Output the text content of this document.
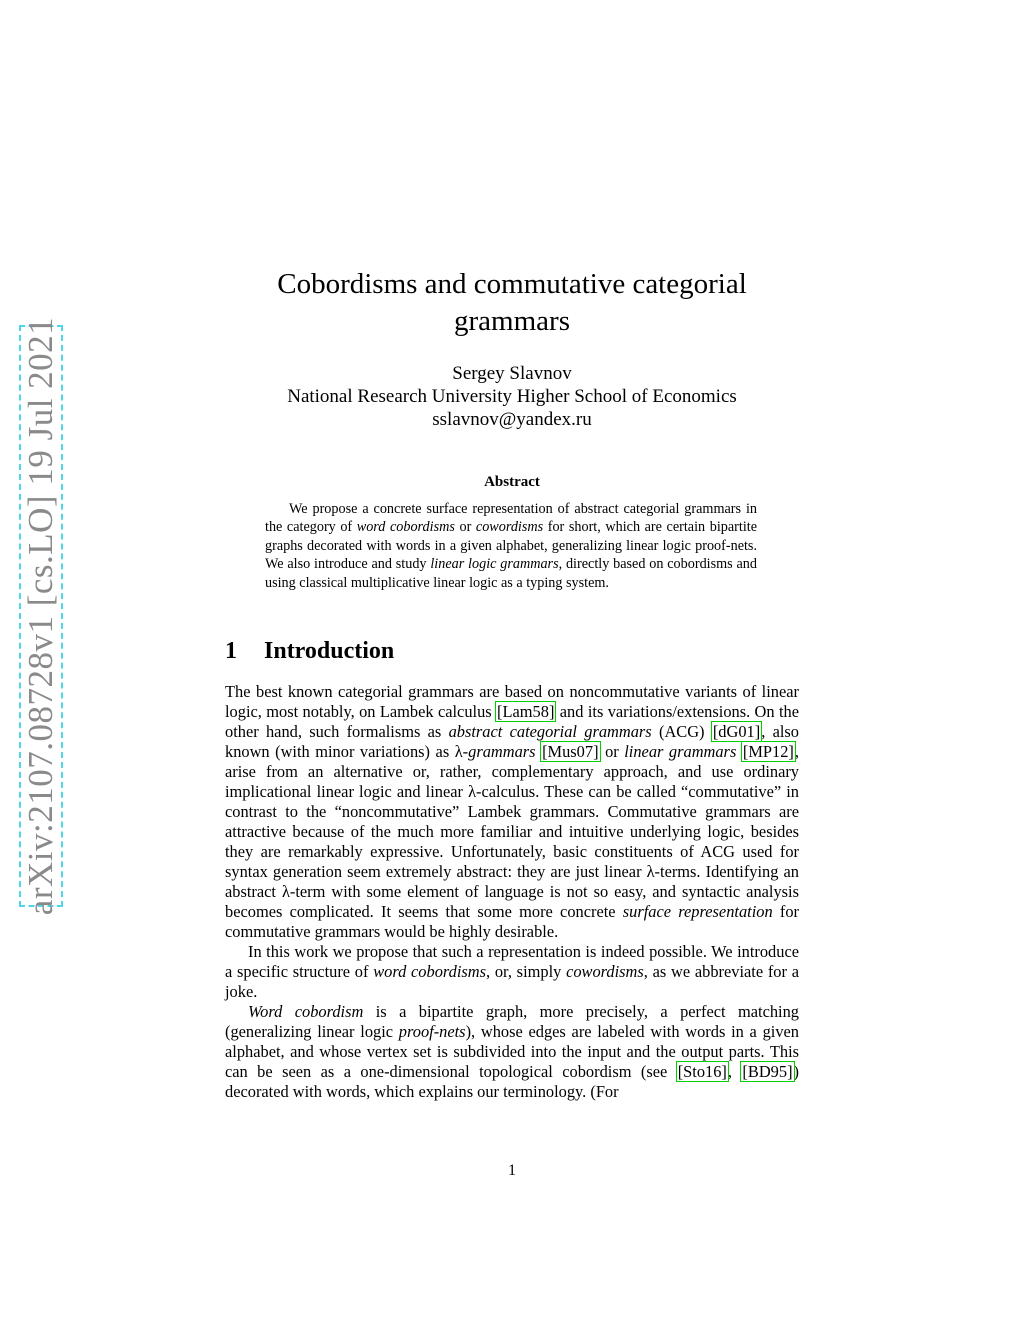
arXiv:2107.08728v1 [cs.LO] 19 Jul 2021
Cobordisms and commutative categorial
grammars
Sergey Slavnov
National Research University Higher School of Economics
sslavnov@yandex.ru
Abstract

We propose a concrete surface representation of abstract categorial grammars in the category of word cobordisms or cowordisms for short, which are certain bipartite graphs decorated with words in a given alphabet, generalizing linear logic proof-nets. We also introduce and study linear logic grammars, directly based on cobordisms and using classical multiplicative linear logic as a typing system.

1 Introduction

The best known categorial grammars are based on noncommutative variants of linear logic, most notably, on Lambek calculus [Lam58] and its variations/extensions. On the other hand, such formalisms as abstract categorial grammars (ACG) [dG01], also known (with minor variations) as λ-grammars [Mus07] or linear grammars [MP12], arise from an alternative or, rather, complementary approach, and use ordinary implicational linear logic and linear λ-calculus. These can be called “commutative” in contrast to the “noncommutative” Lambek grammars. Commutative grammars are attractive because of the much more familiar and intuitive underlying logic, besides they are remarkably expressive. Unfortunately, basic constituents of ACG used for syntax generation seem extremely abstract: they are just linear λ-terms. Identifying an abstract λ-term with some element of language is not so easy, and syntactic analysis becomes complicated. It seems that some more concrete surface representation for commutative grammars would be highly desirable.

In this work we propose that such a representation is indeed possible. We introduce a specific structure of word cobordisms, or, simply cowordisms, as we abbreviate for a joke.

Word cobordism is a bipartite graph, more precisely, a perfect matching (generalizing linear logic proof-nets), whose edges are labeled with words in a given alphabet, and whose vertex set is subdivided into the input and the output parts. This can be seen as a one-dimensional topological cobordism (see [Sto16], [BD95]) decorated with words, which explains our terminology. (For

1
